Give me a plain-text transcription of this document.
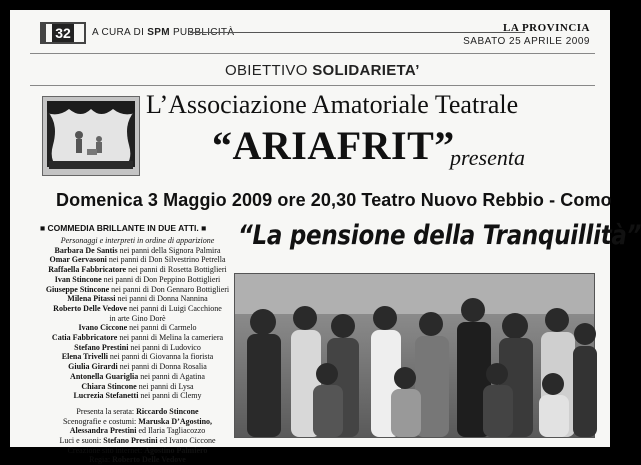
32	A CURA DI SPM PUBBLICITÀ	LA PROVINCIA
SABATO 25 APRILE 2009
OBIETTIVO SOLIDARIETA’
L’Associazione Amatoriale Teatrale
“ARIAFRIT”
presenta
Domenica 3 Maggio 2009 ore 20,30 Teatro Nuovo Rebbio - Como
■ COMMEDIA BRILLANTE IN DUE ATTI. ■
Personaggi e interpreti in ordine di apparizione
Barbara De Santis nei panni della Signora Palmira
Omar Gervasoni nei panni di Don Silvestrino Petrella
Raffaella Fabbricatore nei panni di Rosetta Bottiglieri
Ivan Stincone nei panni di Don Peppino Bottiglieri
Giuseppe Stincone nei panni di Don Gennaro Bottiglieri
Milena Pitassi nei panni di Donna Nannina
Roberto Delle Vedove nei panni di Luigi Cacchione
in arte Gino Dorè
Ivano Ciccone nei panni di Carmelo
Catia Fabbricatore nei panni di Melina la cameriera
Stefano Prestini nei panni di Ludovico
Elena Trivelli nei panni di Giovanna la fiorista
Giulia Girardi nei panni di Donna Rosalia
Antonella Guariglia nei panni di Agatina
Chiara Stincone nei panni di Lysa
Lucrezia Stefanetti nei panni di Clemy
Presenta la serata: Riccardo Stincone
Scenografie e costumi: Maruska D’Agostino,
Alessandra Prestini ed Ilaria Tagliacozzo
Luci e suoni: Stefano Prestini ed Ivano Ciccone
Creazione sito internet: Agostino Palmiero
Regia: Roberto Delle Vedove
“La pensione della Tranquillità”
